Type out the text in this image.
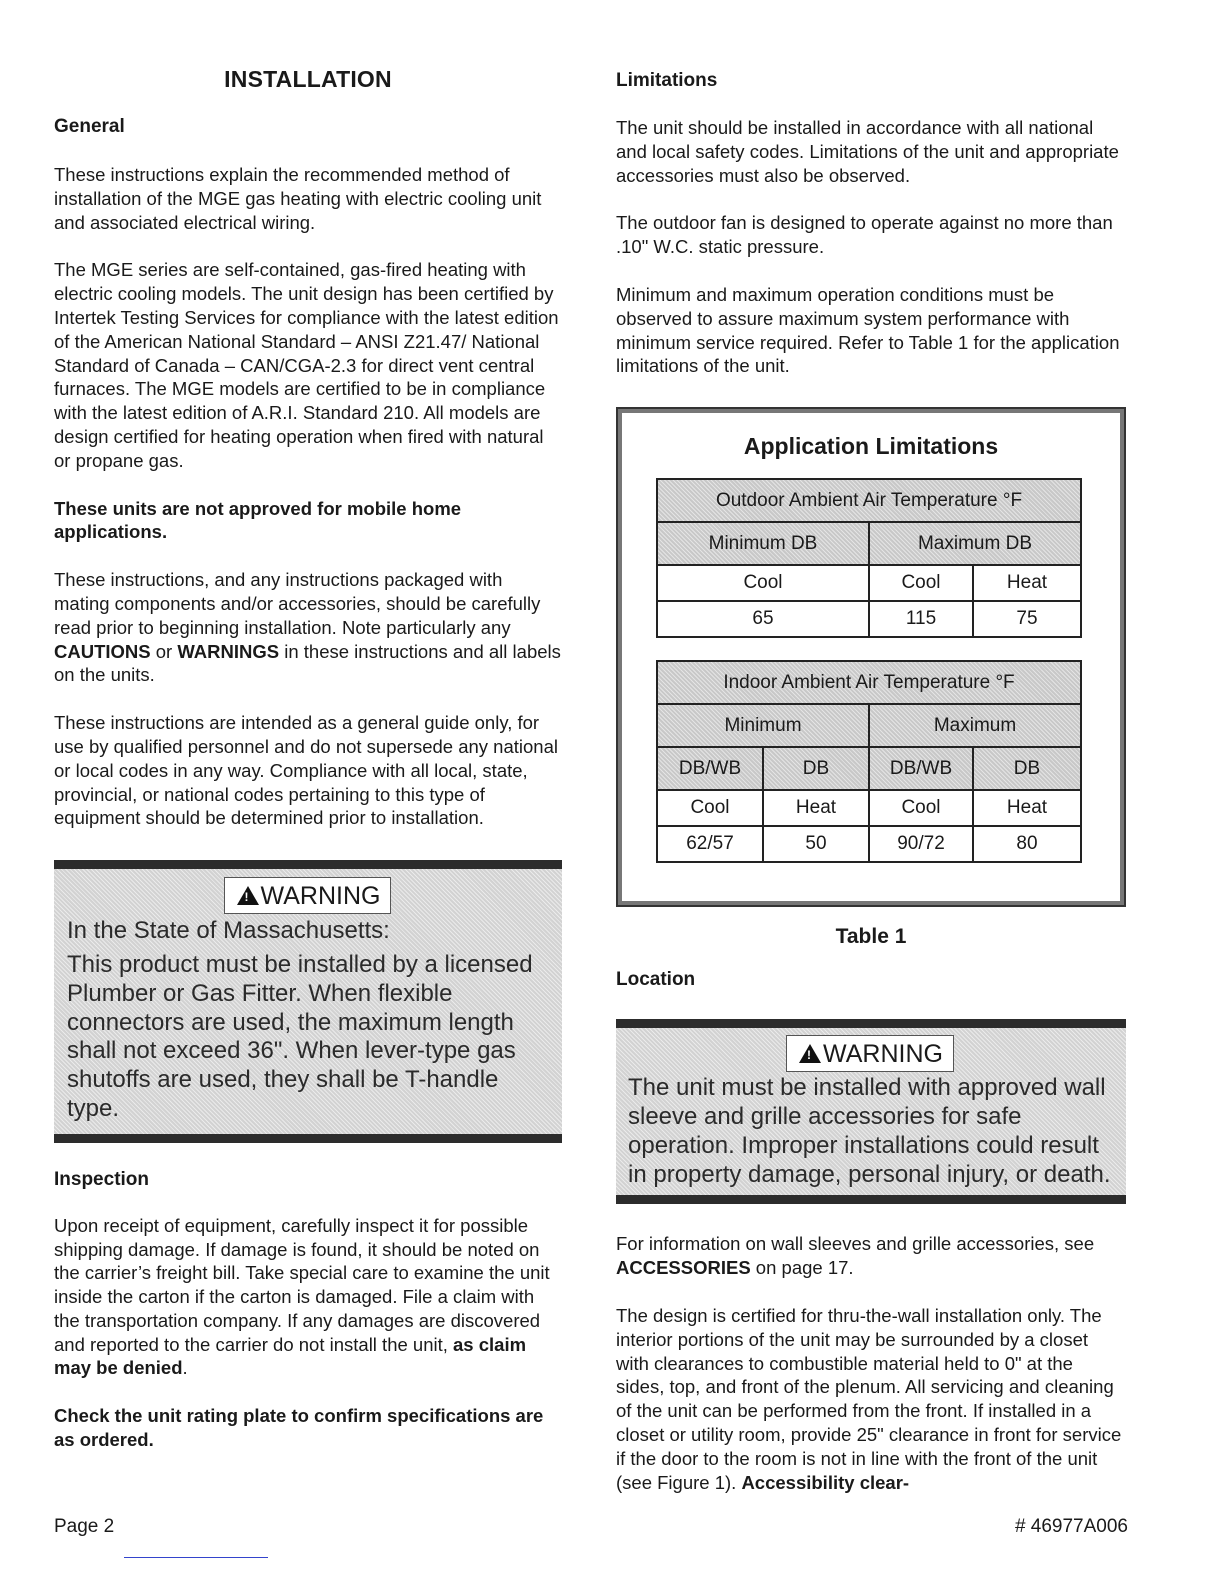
INSTALLATION
General

These instructions explain the recommended method of installation of the MGE gas heating with electric cooling unit and associated electrical wiring.

The MGE series are self-contained, gas-fired heating with electric cooling models. The unit design has been certified by Intertek Testing Services for compliance with the latest edition of the American National Standard – ANSI Z21.47/ National Standard of Canada – CAN/CGA-2.3 for direct vent central furnaces. The MGE models are certified to be in compliance with the latest edition of A.R.I. Standard 210. All models are design certified for heating operation when fired with natural or propane gas.

These units are not approved for mobile home applications.

These instructions, and any instructions packaged with mating components and/or accessories, should be carefully read prior to beginning installation. Note particularly any CAUTIONS or WARNINGS in these instructions and all labels on the units.

These instructions are intended as a general guide only, for use by qualified personnel and do not supersede any national or local codes in any way. Compliance with all local, state, provincial, or national codes pertaining to this type of equipment should be determined prior to installation.

!WARNING
In the State of Massachusetts:
This product must be installed by a licensed Plumber or Gas Fitter. When flexible connectors are used, the maximum length shall not exceed 36". When lever-type gas shutoffs are used, they shall be T-handle type.
Inspection

Upon receipt of equipment, carefully inspect it for possible shipping damage. If damage is found, it should be noted on the carrier’s freight bill. Take special care to examine the unit inside the carton if the carton is damaged. File a claim with the transportation company. If any damages are discovered and reported to the carrier do not install the unit, as claim may be denied.

Check the unit rating plate to confirm specifications are as ordered.

Limitations

The unit should be installed in accordance with all national and local safety codes. Limitations of the unit and appropriate accessories must also be observed.

The outdoor fan is designed to operate against no more than .10" W.C. static pressure.

Minimum and maximum operation conditions must be observed to assure maximum system performance with minimum service required. Refer to Table 1 for the application limitations of the unit.

Application Limitations
Outdoor Ambient Air Temperature °F		
Minimum DB	Maximum DB	
Cool	Cool	Heat
65	115	75
Indoor Ambient Air Temperature °F			
Minimum		Maximum	
DB/WB	DB	DB/WB	DB
Cool	Heat	Cool	Heat
62/57	50	90/72	80
Table 1
Location
!WARNING
The unit must be installed with approved wall sleeve and grille accessories for safe operation. Improper installations could result in property damage, personal injury, or death.

For information on wall sleeves and grille accessories, see ACCESSORIES on page 17.

The design is certified for thru-the-wall installation only. The interior portions of the unit may be surrounded by a closet with clearances to combustible material held to 0" at the sides, top, and front of the plenum. All servicing and cleaning of the unit can be performed from the front. If installed in a closet or utility room, provide 25" clearance in front for service if the door to the room is not in line with the front of the unit (see Figure 1). Accessibility clear-

Page 2	# 46977A006
